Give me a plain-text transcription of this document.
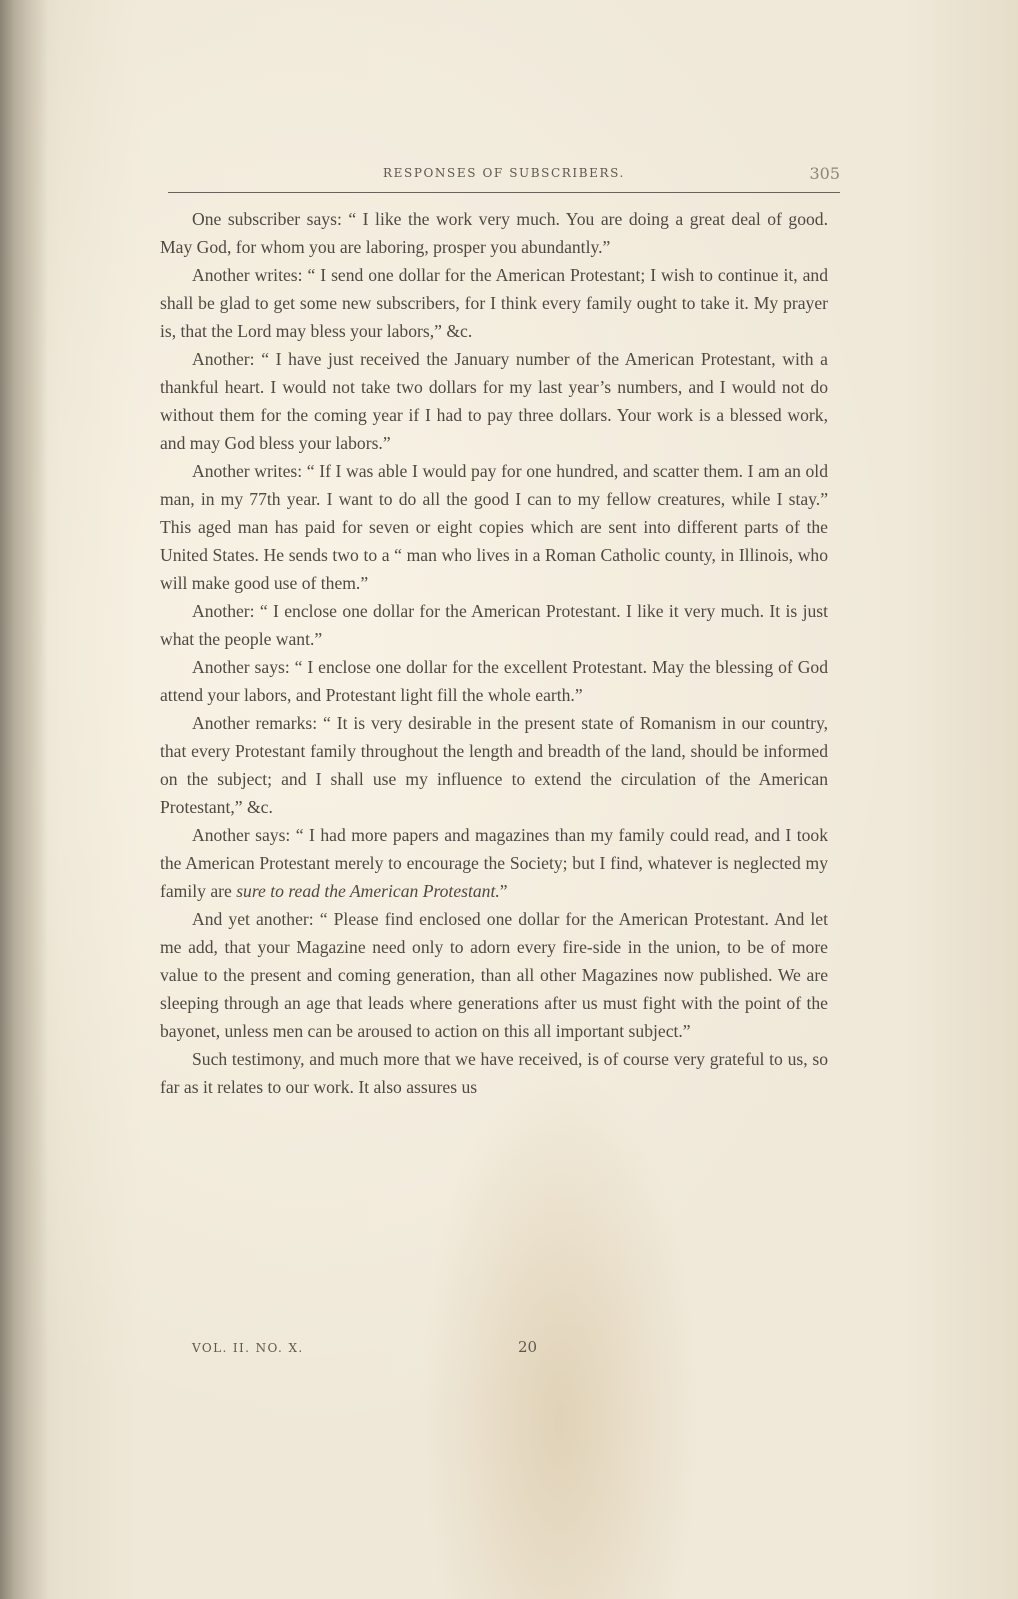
RESPONSES OF SUBSCRIBERS.	305

One subscriber says: “ I like the work very much. You are doing a great deal of good. May God, for whom you are laboring, prosper you abundantly.”

Another writes: “ I send one dollar for the American Protestant; I wish to continue it, and shall be glad to get some new subscribers, for I think every family ought to take it. My prayer is, that the Lord may bless your labors,” &c.

Another: “ I have just received the January number of the American Protestant, with a thankful heart. I would not take two dollars for my last year’s numbers, and I would not do without them for the coming year if I had to pay three dollars. Your work is a blessed work, and may God bless your labors.”

Another writes: “ If I was able I would pay for one hundred, and scatter them. I am an old man, in my 77th year. I want to do all the good I can to my fellow creatures, while I stay.” This aged man has paid for seven or eight copies which are sent into different parts of the United States. He sends two to a “ man who lives in a Roman Catholic county, in Illinois, who will make good use of them.”

Another: “ I enclose one dollar for the American Protestant. I like it very much. It is just what the people want.”

Another says: “ I enclose one dollar for the excellent Protestant. May the blessing of God attend your labors, and Protestant light fill the whole earth.”

Another remarks: “ It is very desirable in the present state of Romanism in our country, that every Protestant family throughout the length and breadth of the land, should be informed on the subject; and I shall use my influence to extend the circulation of the American Protestant,” &c.

Another says: “ I had more papers and magazines than my family could read, and I took the American Protestant merely to encourage the Society; but I find, whatever is neglected my family are sure to read the American Protestant.”

And yet another: “ Please find enclosed one dollar for the American Protestant. And let me add, that your Magazine need only to adorn every fire-side in the union, to be of more value to the present and coming generation, than all other Magazines now published. We are sleeping through an age that leads where generations after us must fight with the point of the bayonet, unless men can be aroused to action on this all important subject.”

Such testimony, and much more that we have received, is of course very grateful to us, so far as it relates to our work. It also assures us

VOL. II. NO. X.	20
